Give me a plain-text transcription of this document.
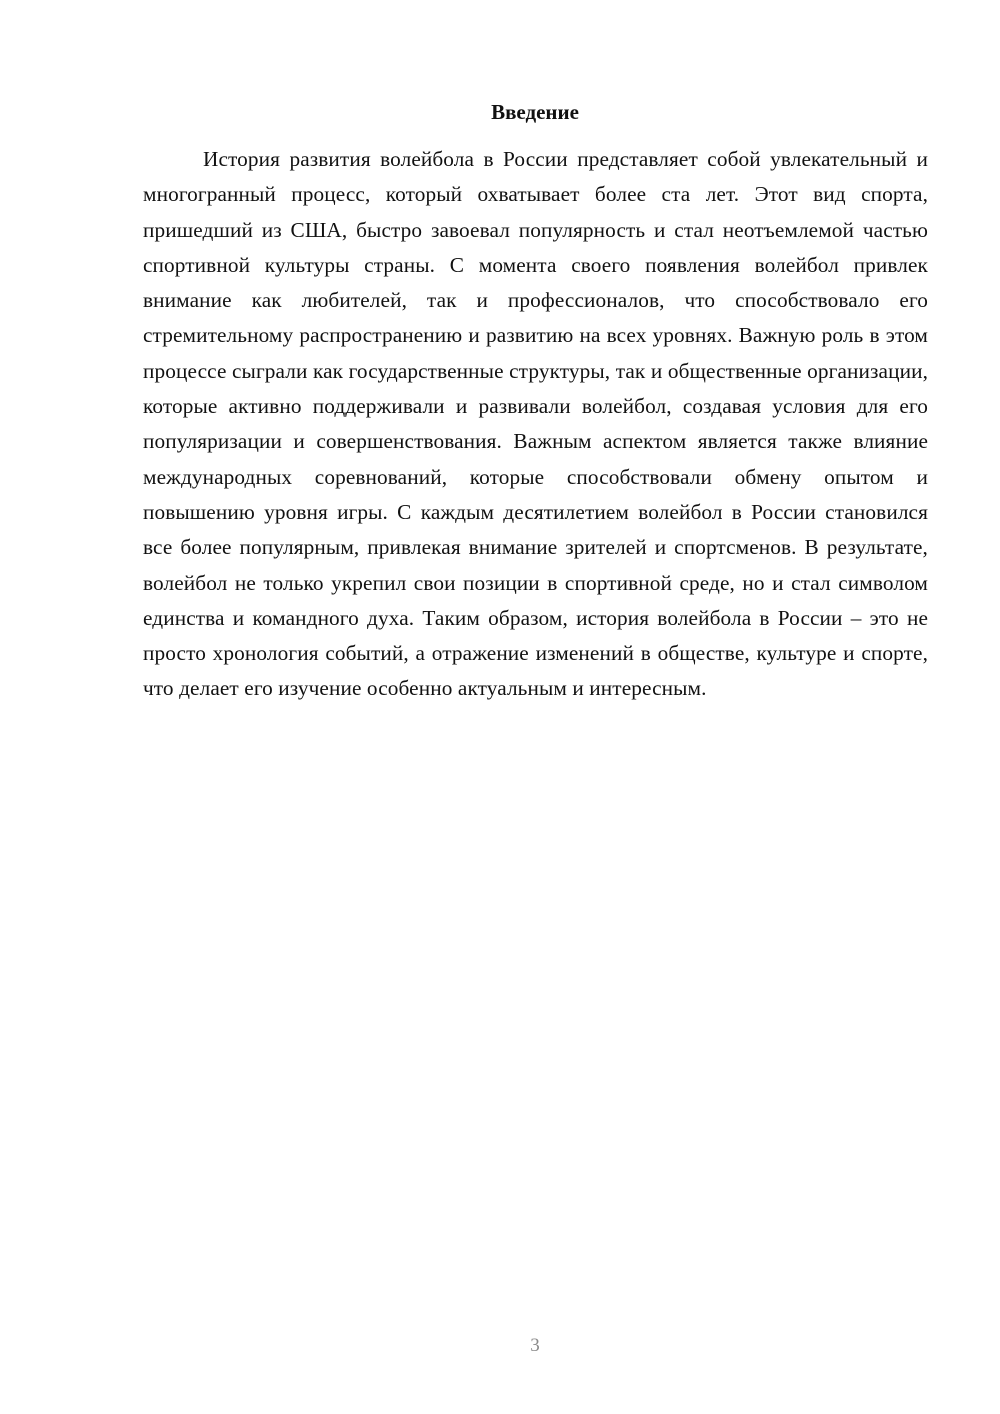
Введение

История развития волейбола в России представляет собой увлекательный и многогранный процесс, который охватывает более ста лет. Этот вид спорта, пришедший из США, быстро завоевал популярность и стал неотъемлемой частью спортивной культуры страны. С момента своего появления волейбол привлек внимание как любителей, так и профессионалов, что способствовало его стремительному распространению и развитию на всех уровнях. Важную роль в этом процессе сыграли как государственные структуры, так и общественные организации, которые активно поддерживали и развивали волейбол, создавая условия для его популяризации и совершенствования. Важным аспектом является также влияние международных соревнований, которые способствовали обмену опытом и повышению уровня игры. С каждым десятилетием волейбол в России становился все более популярным, привлекая внимание зрителей и спортсменов. В результате, волейбол не только укрепил свои позиции в спортивной среде, но и стал символом единства и командного духа. Таким образом, история волейбола в России – это не просто хронология событий, а отражение изменений в обществе, культуре и спорте, что делает его изучение особенно актуальным и интересным.

3
